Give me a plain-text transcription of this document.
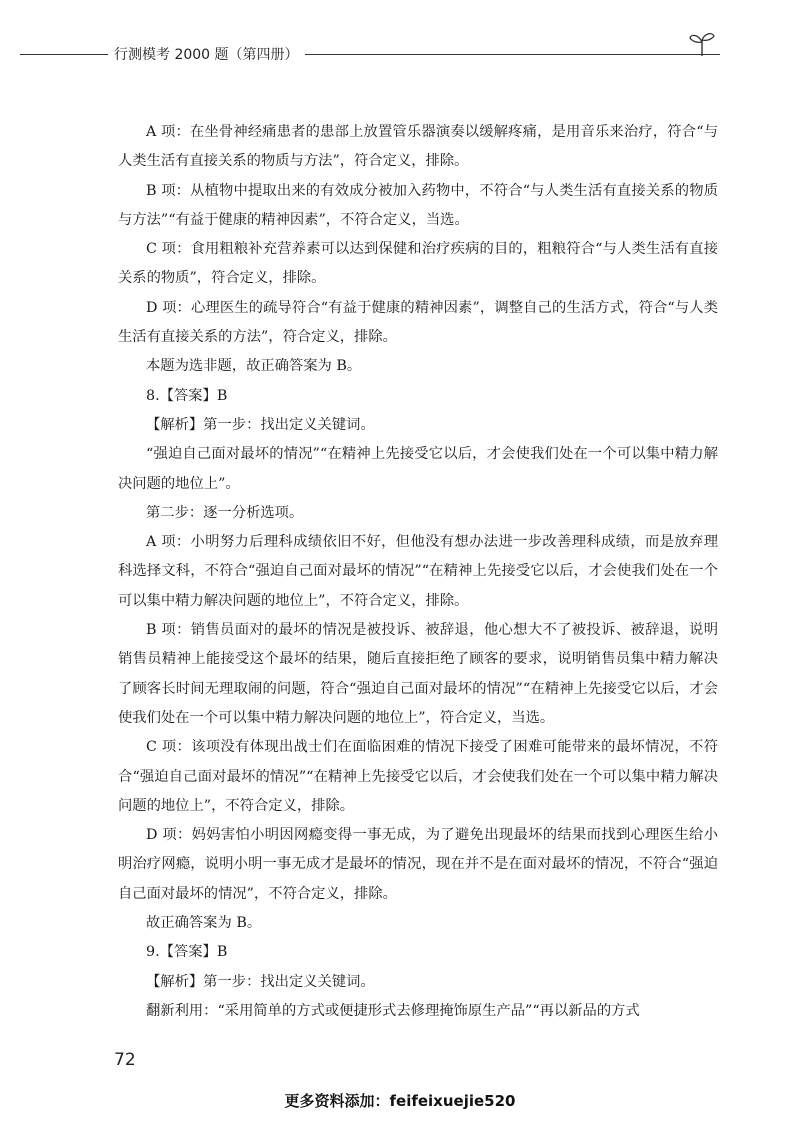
行测模考 2000 题（第四册）

A 项：在坐骨神经痛患者的患部上放置管乐器演奏以缓解疼痛，是用音乐来治疗，符合“与人类生活有直接关系的物质与方法”，符合定义，排除。

B 项：从植物中提取出来的有效成分被加入药物中，不符合“与人类生活有直接关系的物质与方法”“有益于健康的精神因素”，不符合定义，当选。

C 项：食用粗粮补充营养素可以达到保健和治疗疾病的目的，粗粮符合“与人类生活有直接关系的物质”，符合定义，排除。

D 项：心理医生的疏导符合“有益于健康的精神因素”，调整自己的生活方式，符合“与人类生活有直接关系的方法”，符合定义，排除。

本题为选非题，故正确答案为 B。

8.【答案】B

【解析】第一步：找出定义关键词。

“强迫自己面对最坏的情况”“在精神上先接受它以后，才会使我们处在一个可以集中精力解决问题的地位上”。

第二步：逐一分析选项。

A 项：小明努力后理科成绩依旧不好，但他没有想办法进一步改善理科成绩，而是放弃理科选择文科，不符合“强迫自己面对最坏的情况”“在精神上先接受它以后，才会使我们处在一个可以集中精力解决问题的地位上”，不符合定义，排除。

B 项：销售员面对的最坏的情况是被投诉、被辞退，他心想大不了被投诉、被辞退，说明销售员精神上能接受这个最坏的结果，随后直接拒绝了顾客的要求，说明销售员集中精力解决了顾客长时间无理取闹的问题，符合“强迫自己面对最坏的情况”“在精神上先接受它以后，才会使我们处在一个可以集中精力解决问题的地位上”，符合定义，当选。

C 项：该项没有体现出战士们在面临困难的情况下接受了困难可能带来的最坏情况，不符合“强迫自己面对最坏的情况”“在精神上先接受它以后，才会使我们处在一个可以集中精力解决问题的地位上”，不符合定义，排除。

D 项：妈妈害怕小明因网瘾变得一事无成，为了避免出现最坏的结果而找到心理医生给小明治疗网瘾，说明小明一事无成才是最坏的情况，现在并不是在面对最坏的情况，不符合“强迫自己面对最坏的情况”，不符合定义，排除。

故正确答案为 B。

9.【答案】B

【解析】第一步：找出定义关键词。

翻新利用：“采用简单的方式或便捷形式去修理掩饰原生产品”“再以新品的方式

72
更多资料添加：feifeixuejie520
